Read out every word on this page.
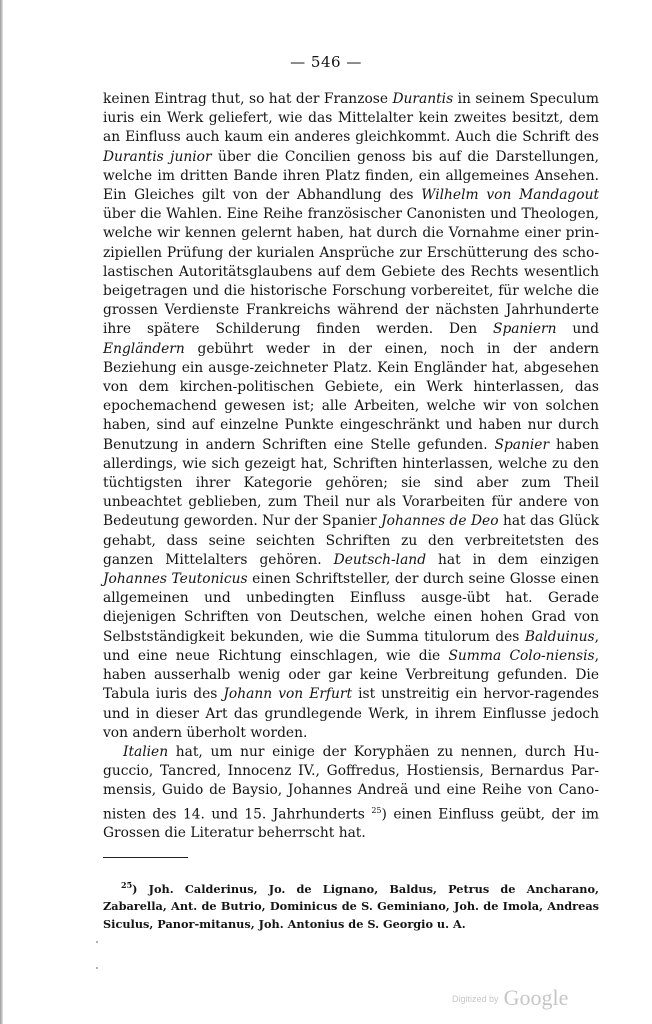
— 546 —

keinen Eintrag thut, so hat der Franzose Durantis in seinem Speculum iuris ein Werk geliefert, wie das Mittelalter kein zweites besitzt, dem an Einfluss auch kaum ein anderes gleichkommt. Auch die Schrift des Durantis junior über die Concilien genoss bis auf die Darstellungen, welche im dritten Bande ihren Platz finden, ein allgemeines Ansehen. Ein Gleiches gilt von der Abhandlung des Wilhelm von Mandagout über die Wahlen. Eine Reihe französischer Canonisten und Theologen, welche wir kennen gelernt haben, hat durch die Vornahme einer prin-zipiellen Prüfung der kurialen Ansprüche zur Erschütterung des scho-lastischen Autoritätsglaubens auf dem Gebiete des Rechts wesentlich beigetragen und die historische Forschung vorbereitet, für welche die grossen Verdienste Frankreichs während der nächsten Jahrhunderte ihre spätere Schilderung finden werden. Den Spaniern und Engländern gebührt weder in der einen, noch in der andern Beziehung ein ausge-zeichneter Platz. Kein Engländer hat, abgesehen von dem kirchen-politischen Gebiete, ein Werk hinterlassen, das epochemachend gewesen ist; alle Arbeiten, welche wir von solchen haben, sind auf einzelne Punkte eingeschränkt und haben nur durch Benutzung in andern Schriften eine Stelle gefunden. Spanier haben allerdings, wie sich gezeigt hat, Schriften hinterlassen, welche zu den tüchtigsten ihrer Kategorie gehören; sie sind aber zum Theil unbeachtet geblieben, zum Theil nur als Vorarbeiten für andere von Bedeutung geworden. Nur der Spanier Johannes de Deo hat das Glück gehabt, dass seine seichten Schriften zu den verbreitetsten des ganzen Mittelalters gehören. Deutsch-land hat in dem einzigen Johannes Teutonicus einen Schriftsteller, der durch seine Glosse einen allgemeinen und unbedingten Einfluss ausge-übt hat. Gerade diejenigen Schriften von Deutschen, welche einen hohen Grad von Selbstständigkeit bekunden, wie die Summa titulorum des Balduinus, und eine neue Richtung einschlagen, wie die Summa Colo-niensis, haben ausserhalb wenig oder gar keine Verbreitung gefunden. Die Tabula iuris des Johann von Erfurt ist unstreitig ein hervor-ragendes und in dieser Art das grundlegende Werk, in ihrem Einflusse jedoch von andern überholt worden.

Italien hat, um nur einige der Koryphäen zu nennen, durch Hu-guccio, Tancred, Innocenz IV., Goffredus, Hostiensis, Bernardus Par-mensis, Guido de Baysio, Johannes Andreä und eine Reihe von Cano-nisten des 14. und 15. Jahrhunderts $^{25}$) einen Einfluss geübt, der im Grossen die Literatur beherrscht hat.

$^{25}$) Joh. Calderinus, Jo. de Lignano, Baldus, Petrus de Ancharano, Zabarella, Ant. de Butrio, Dominicus de S. Geminiano, Joh. de Imola, Andreas Siculus, Panor-mitanus, Joh. Antonius de S. Georgio u. A.
Digitized by Google
